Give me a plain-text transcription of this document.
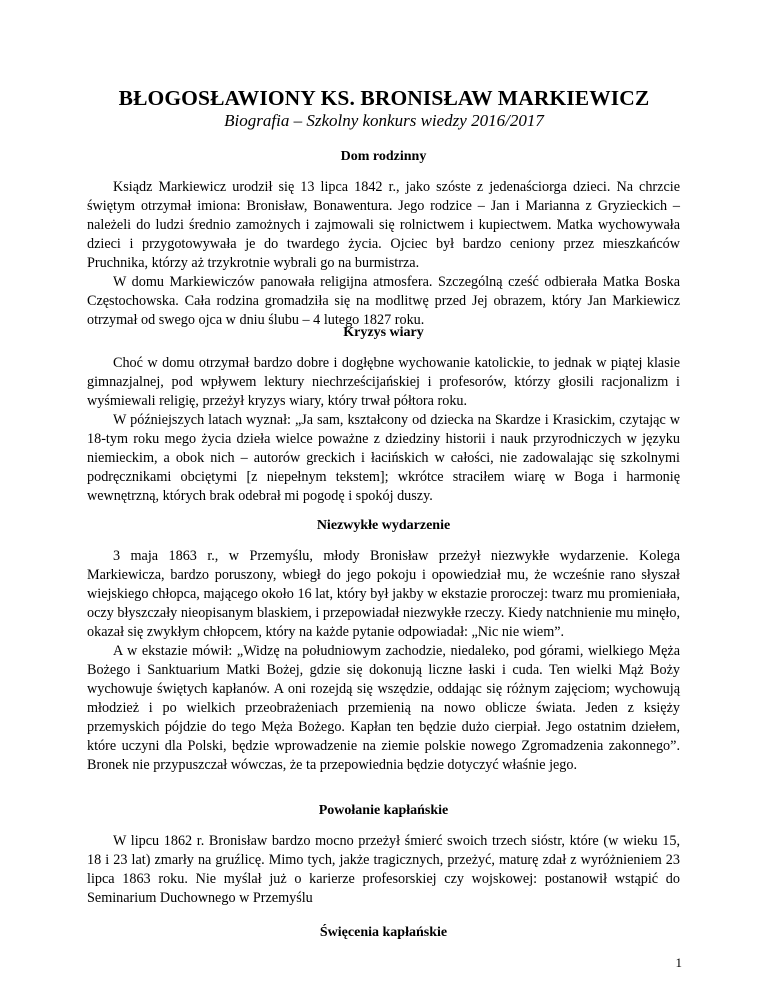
BŁOGOSŁAWIONY KS. BRONISŁAW MARKIEWICZ
Biografia – Szkolny konkurs wiedzy 2016/2017

Dom rodzinny

Ksiądz Markiewicz urodził się 13 lipca 1842 r., jako szóste z jedenaściorga dzieci. Na chrzcie świętym otrzymał imiona: Bronisław, Bonawentura. Jego rodzice – Jan i Marianna z Gryzieckich – należeli do ludzi średnio zamożnych i zajmowali się rolnictwem i kupiectwem. Matka wychowywała dzieci i przygotowywała je do twardego życia. Ojciec był bardzo ceniony przez mieszkańców Pruchnika, którzy aż trzykrotnie wybrali go na burmistrza.

W domu Markiewiczów panowała religijna atmosfera. Szczególną cześć odbierała Matka Boska Częstochowska. Cała rodzina gromadziła się na modlitwę przed Jej obrazem, który Jan Markiewicz otrzymał od swego ojca w dniu ślubu – 4 lutego 1827 roku.

Kryzys wiary

Choć w domu otrzymał bardzo dobre i dogłębne wychowanie katolickie, to jednak w piątej klasie gimnazjalnej, pod wpływem lektury niechrześcijańskiej i profesorów, którzy głosili racjonalizm i wyśmiewali religię, przeżył kryzys wiary, który trwał półtora roku.

W późniejszych latach wyznał: „Ja sam, kształcony od dziecka na Skardze i Krasickim, czytając w 18-tym roku mego życia dzieła wielce poważne z dziedziny historii i nauk przyrodniczych w języku niemieckim, a obok nich – autorów greckich i łacińskich w całości, nie zadowalając się szkolnymi podręcznikami obciętymi [z niepełnym tekstem]; wkrótce straciłem wiarę w Boga i harmonię wewnętrzną, których brak odebrał mi pogodę i spokój duszy.

Niezwykłe wydarzenie

3 maja 1863 r., w Przemyślu, młody Bronisław przeżył niezwykłe wydarzenie. Kolega Markiewicza, bardzo poruszony, wbiegł do jego pokoju i opowiedział mu, że wcześnie rano słyszał wiejskiego chłopca, mającego około 16 lat, który był jakby w ekstazie proroczej: twarz mu promieniała, oczy błyszczały nieopisanym blaskiem, i przepowiadał niezwykłe rzeczy. Kiedy natchnienie mu minęło, okazał się zwykłym chłopcem, który na każde pytanie odpowiadał: „Nic nie wiem”.

A w ekstazie mówił: „Widzę na południowym zachodzie, niedaleko, pod górami, wielkiego Męża Bożego i Sanktuarium Matki Bożej, gdzie się dokonują liczne łaski i cuda. Ten wielki Mąż Boży wychowuje świętych kapłanów. A oni rozejdą się wszędzie, oddając się różnym zajęciom; wychowują młodzież i po wielkich przeobrażeniach przemienią na nowo oblicze świata. Jeden z księży przemyskich pójdzie do tego Męża Bożego. Kapłan ten będzie dużo cierpiał. Jego ostatnim dziełem, które uczyni dla Polski, będzie wprowadzenie na ziemie polskie nowego Zgromadzenia zakonnego”. Bronek nie przypuszczał wówczas, że ta przepowiednia będzie dotyczyć właśnie jego.

Powołanie kapłańskie

W lipcu 1862 r. Bronisław bardzo mocno przeżył śmierć swoich trzech sióstr, które (w wieku 15, 18 i 23 lat) zmarły na gruźlicę. Mimo tych, jakże tragicznych, przeżyć, maturę zdał z wyróżnieniem 23 lipca 1863 roku. Nie myślał już o karierze profesorskiej czy wojskowej: postanowił wstąpić do Seminarium Duchownego w Przemyślu

Święcenia kapłańskie

1
